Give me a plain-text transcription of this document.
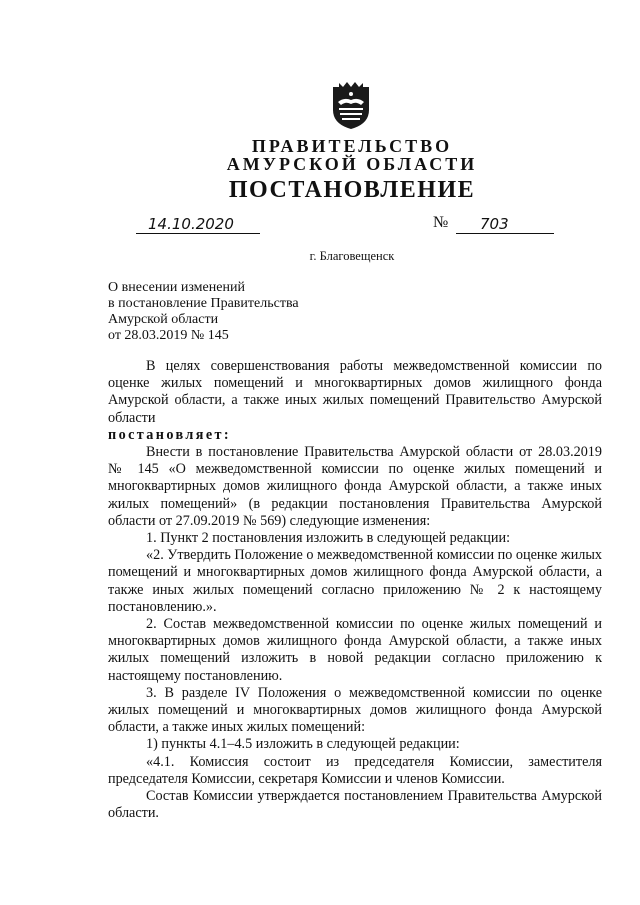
ПРАВИТЕЛЬСТВО
АМУРСКОЙ ОБЛАСТИ
ПОСТАНОВЛЕНИЕ
14.10.2020	№	703
г. Благовещенск
О внесении изменений
в постановление Правительства
Амурской области
от 28.03.2019 № 145

В целях совершенствования работы межведомственной комиссии по оценке жилых помещений и многоквартирных домов жилищного фонда Амурской области, а также иных жилых помещений Правительство Амурской области

постановляет:

Внести в постановление Правительства Амурской области от 28.03.2019 № 145 «О межведомственной комиссии по оценке жилых помещений и многоквартирных домов жилищного фонда Амурской области, а также иных жилых помещений» (в редакции постановления Правительства Амурской области от 27.09.2019 № 569) следующие изменения:

1. Пункт 2 постановления изложить в следующей редакции:

«2. Утвердить Положение о межведомственной комиссии по оценке жилых помещений и многоквартирных домов жилищного фонда Амурской области, а также иных жилых помещений согласно приложению № 2 к настоящему постановлению.».

2. Состав межведомственной комиссии по оценке жилых помещений и многоквартирных домов жилищного фонда Амурской области, а также иных жилых помещений изложить в новой редакции согласно приложению к настоящему постановлению.

3. В разделе IV Положения о межведомственной комиссии по оценке жилых помещений и многоквартирных домов жилищного фонда Амурской области, а также иных жилых помещений:

1) пункты 4.1–4.5 изложить в следующей редакции:

«4.1. Комиссия состоит из председателя Комиссии, заместителя председателя Комиссии, секретаря Комиссии и членов Комиссии.

Состав Комиссии утверждается постановлением Правительства Амурской области.
